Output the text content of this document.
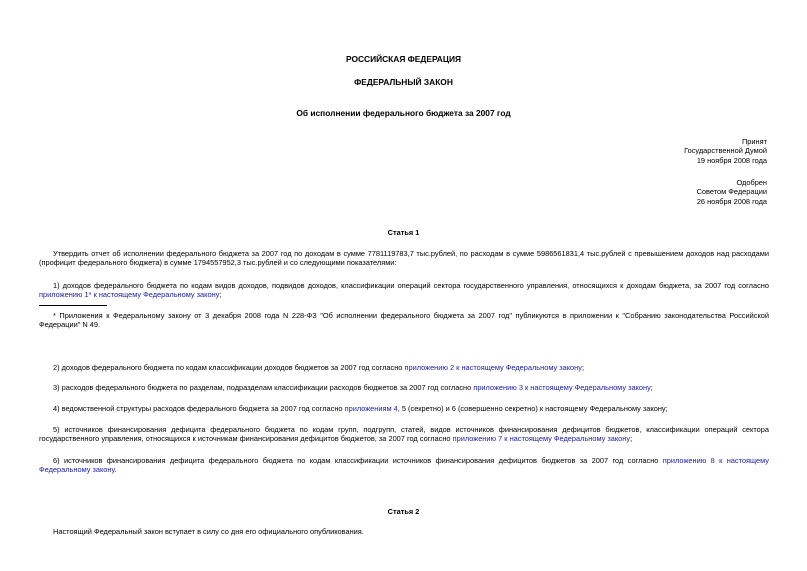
РОССИЙСКАЯ ФЕДЕРАЦИЯ
ФЕДЕРАЛЬНЫЙ ЗАКОН
Об исполнении федерального бюджета за 2007 год
Принят
Государственной Думой
19 ноября 2008 года
Одобрен
Советом Федерации
26 ноября 2008 года
Статья 1
Утвердить отчет об исполнении федерального бюджета за 2007 год по доходам в сумме 7781119783,7 тыс.рублей, по расходам в сумме 5986561831,4 тыс.рублей с превышением доходов над расходами (профицит федерального бюджета) в сумме 1794557952,3 тыс.рублей и со следующими показателями:
1) доходов федерального бюджета по кодам видов доходов, подвидов доходов, классификации операций сектора государственного управления, относящихся к доходам бюджета, за 2007 год согласно приложению 1* к настоящему Федеральному закону;
* Приложения к Федеральному закону от 3 декабря 2008 года N 228-ФЗ "Об исполнении федерального бюджета за 2007 год" публикуются в приложении к "Собранию законодательства Российской Федерации" N 49.
2) доходов федерального бюджета по кодам классификации доходов бюджетов за 2007 год согласно приложению 2 к настоящему Федеральному закону;
3) расходов федерального бюджета по разделам, подразделам классификации расходов бюджетов за 2007 год согласно приложению 3 к настоящему Федеральному закону;
4) ведомственной структуры расходов федерального бюджета за 2007 год согласно приложениям 4, 5 (секретно) и 6 (совершенно секретно) к настоящему Федеральному закону;
5) источников финансирования дефицита федерального бюджета по кодам групп, подгрупп, статей, видов источников финансирования дефицитов бюджетов, классификации операций сектора государственного управления, относящихся к источникам финансирования дефицитов бюджетов, за 2007 год согласно приложению 7 к настоящему Федеральному закону;
6) источников финансирования дефицита федерального бюджета по кодам классификации источников финансирования дефицитов бюджетов за 2007 год согласно приложению 8 к настоящему Федеральному закону.
Статья 2
Настоящий Федеральный закон вступает в силу со дня его официального опубликования.
